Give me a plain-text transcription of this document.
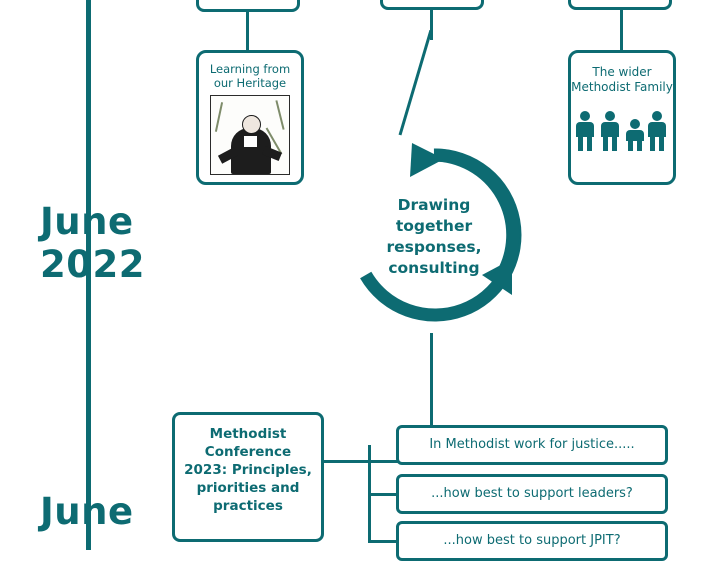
June
2022
June
Learning from our Heritage
The wider Methodist Family
Drawing together responses, consulting
Methodist Conference 2023: Principles, priorities and practices
In Methodist work for justice.....
...how best to support leaders?
...how best to support JPIT?
